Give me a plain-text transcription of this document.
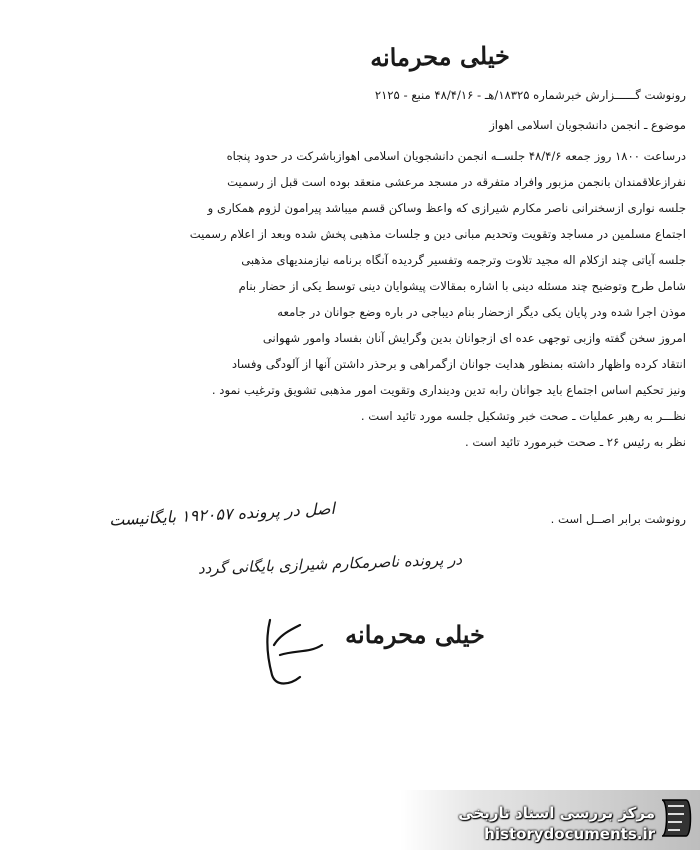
خیلی محرمانه
رونوشت گــــــزارش خبرشماره ۱۸۳۲۵/هـ - ۴۸/۴/۱۶ منبع - ۲۱۲۵
موضوع ـ انجمن دانشجویان اسلامی اهواز
درساعت ۱۸۰۰ روز جمعه ۴۸/۴/۶ جلســه انجمن دانشجویان اسلامی اهوازباشرکت در حدود پنجاه
نفرازعلاقمندان بانجمن مزبور وافراد متفرقه در مسجد مرعشی منعقد بوده است قبل از رسمیت
جلسه نواری ازسخنرانی ناصر مکارم شیرازی که واعظ وساکن قسم میباشد پیرامون لزوم همکاری و
اجتماع مسلمین در مساجد وتقویت وتحدیم مبانی دین و جلسات مذهبی پخش شده وبعد از اعلام رسمیت
جلسه آیاتی چند ازکلام اله مجید تلاوت وترجمه وتفسیر گردیده آنگاه برنامه نیازمندیهای مذهبی
شامل طرح وتوضیح چند مسئله دینی با اشاره بمقالات پیشوایان دینی توسط یکی از حضار بنام
موذن اجرا شده ودر پایان یکی دیگر ازحضار بنام دیباجی در باره وضع جوانان در جامعه
امروز سخن گفته وازبی توجهی عده ای ازجوانان بدین وگرایش آنان بفساد وامور شهوانی
انتقاد کرده واظهار داشته بمنظور هدایت جوانان ازگمراهی و برحذر داشتن آنها از آلودگی وفساد
ونیز تحکیم اساس اجتماع باید جوانان رابه تدین ودینداری وتقویت امور مذهبی تشویق وترغیب نمود .
نظـــر به رهبر عملیات ـ صحت خبر وتشکیل جلسه مورد تائید است .
نظر به رئیس ۲۶ ـ صحت خبرمورد تائید است .
رونوشت برابر اصــل است .
اصل در پرونده ۱۹۲۰۵۷ بایگانیست
در پرونده ناصرمکارم شیرازی بایگانی گردد
خیلی محرمانه
مرکز بررسی اسناد تاریخی
historydocuments.ir
